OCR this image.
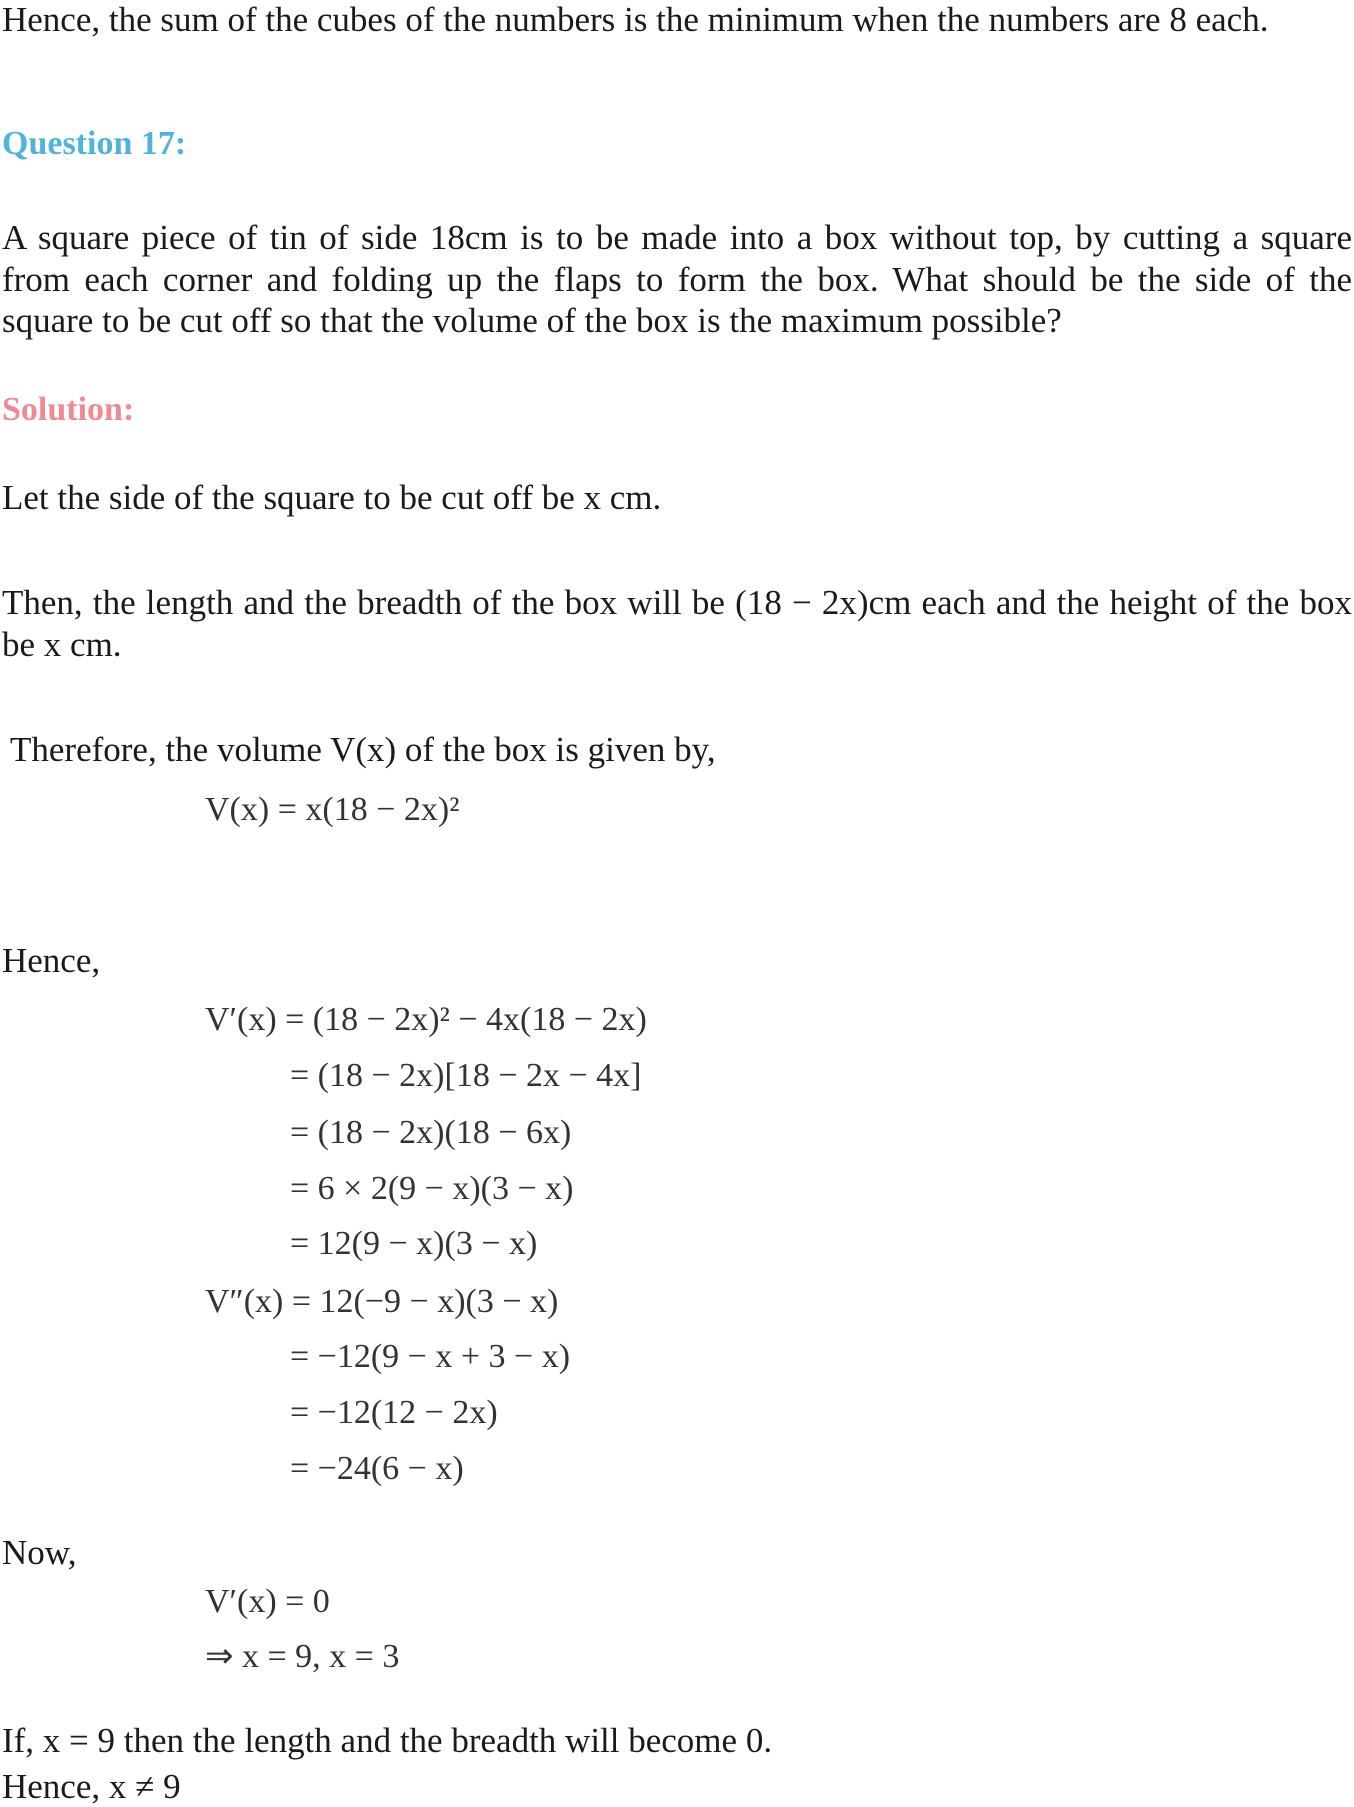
Hence, the sum of the cubes of the numbers is the minimum when the numbers are 8 each.
Question 17:
A square piece of tin of side 18cm is to be made into a box without top, by cutting a square
from each corner and folding up the flaps to form the box. What should be the side of the
square to be cut off so that the volume of the box is the maximum possible?
Solution:
Let the side of the square to be cut off be x cm.
Then, the length and the breadth of the box will be (18 − 2x)cm each and the height of the box
be x cm.
Therefore, the volume V(x) of the box is given by,
V(x) = x(18 − 2x)²
Hence,
V′(x) = (18 − 2x)² − 4x(18 − 2x)
= (18 − 2x)[18 − 2x − 4x]
= (18 − 2x)(18 − 6x)
= 6 × 2(9 − x)(3 − x)
= 12(9 − x)(3 − x)
V″(x) = 12(−9 − x)(3 − x)
= −12(9 − x + 3 − x)
= −12(12 − 2x)
= −24(6 − x)
Now,
V′(x) = 0
⇒ x = 9, x = 3
If, x = 9 then the length and the breadth will become 0.
Hence, x ≠ 9
